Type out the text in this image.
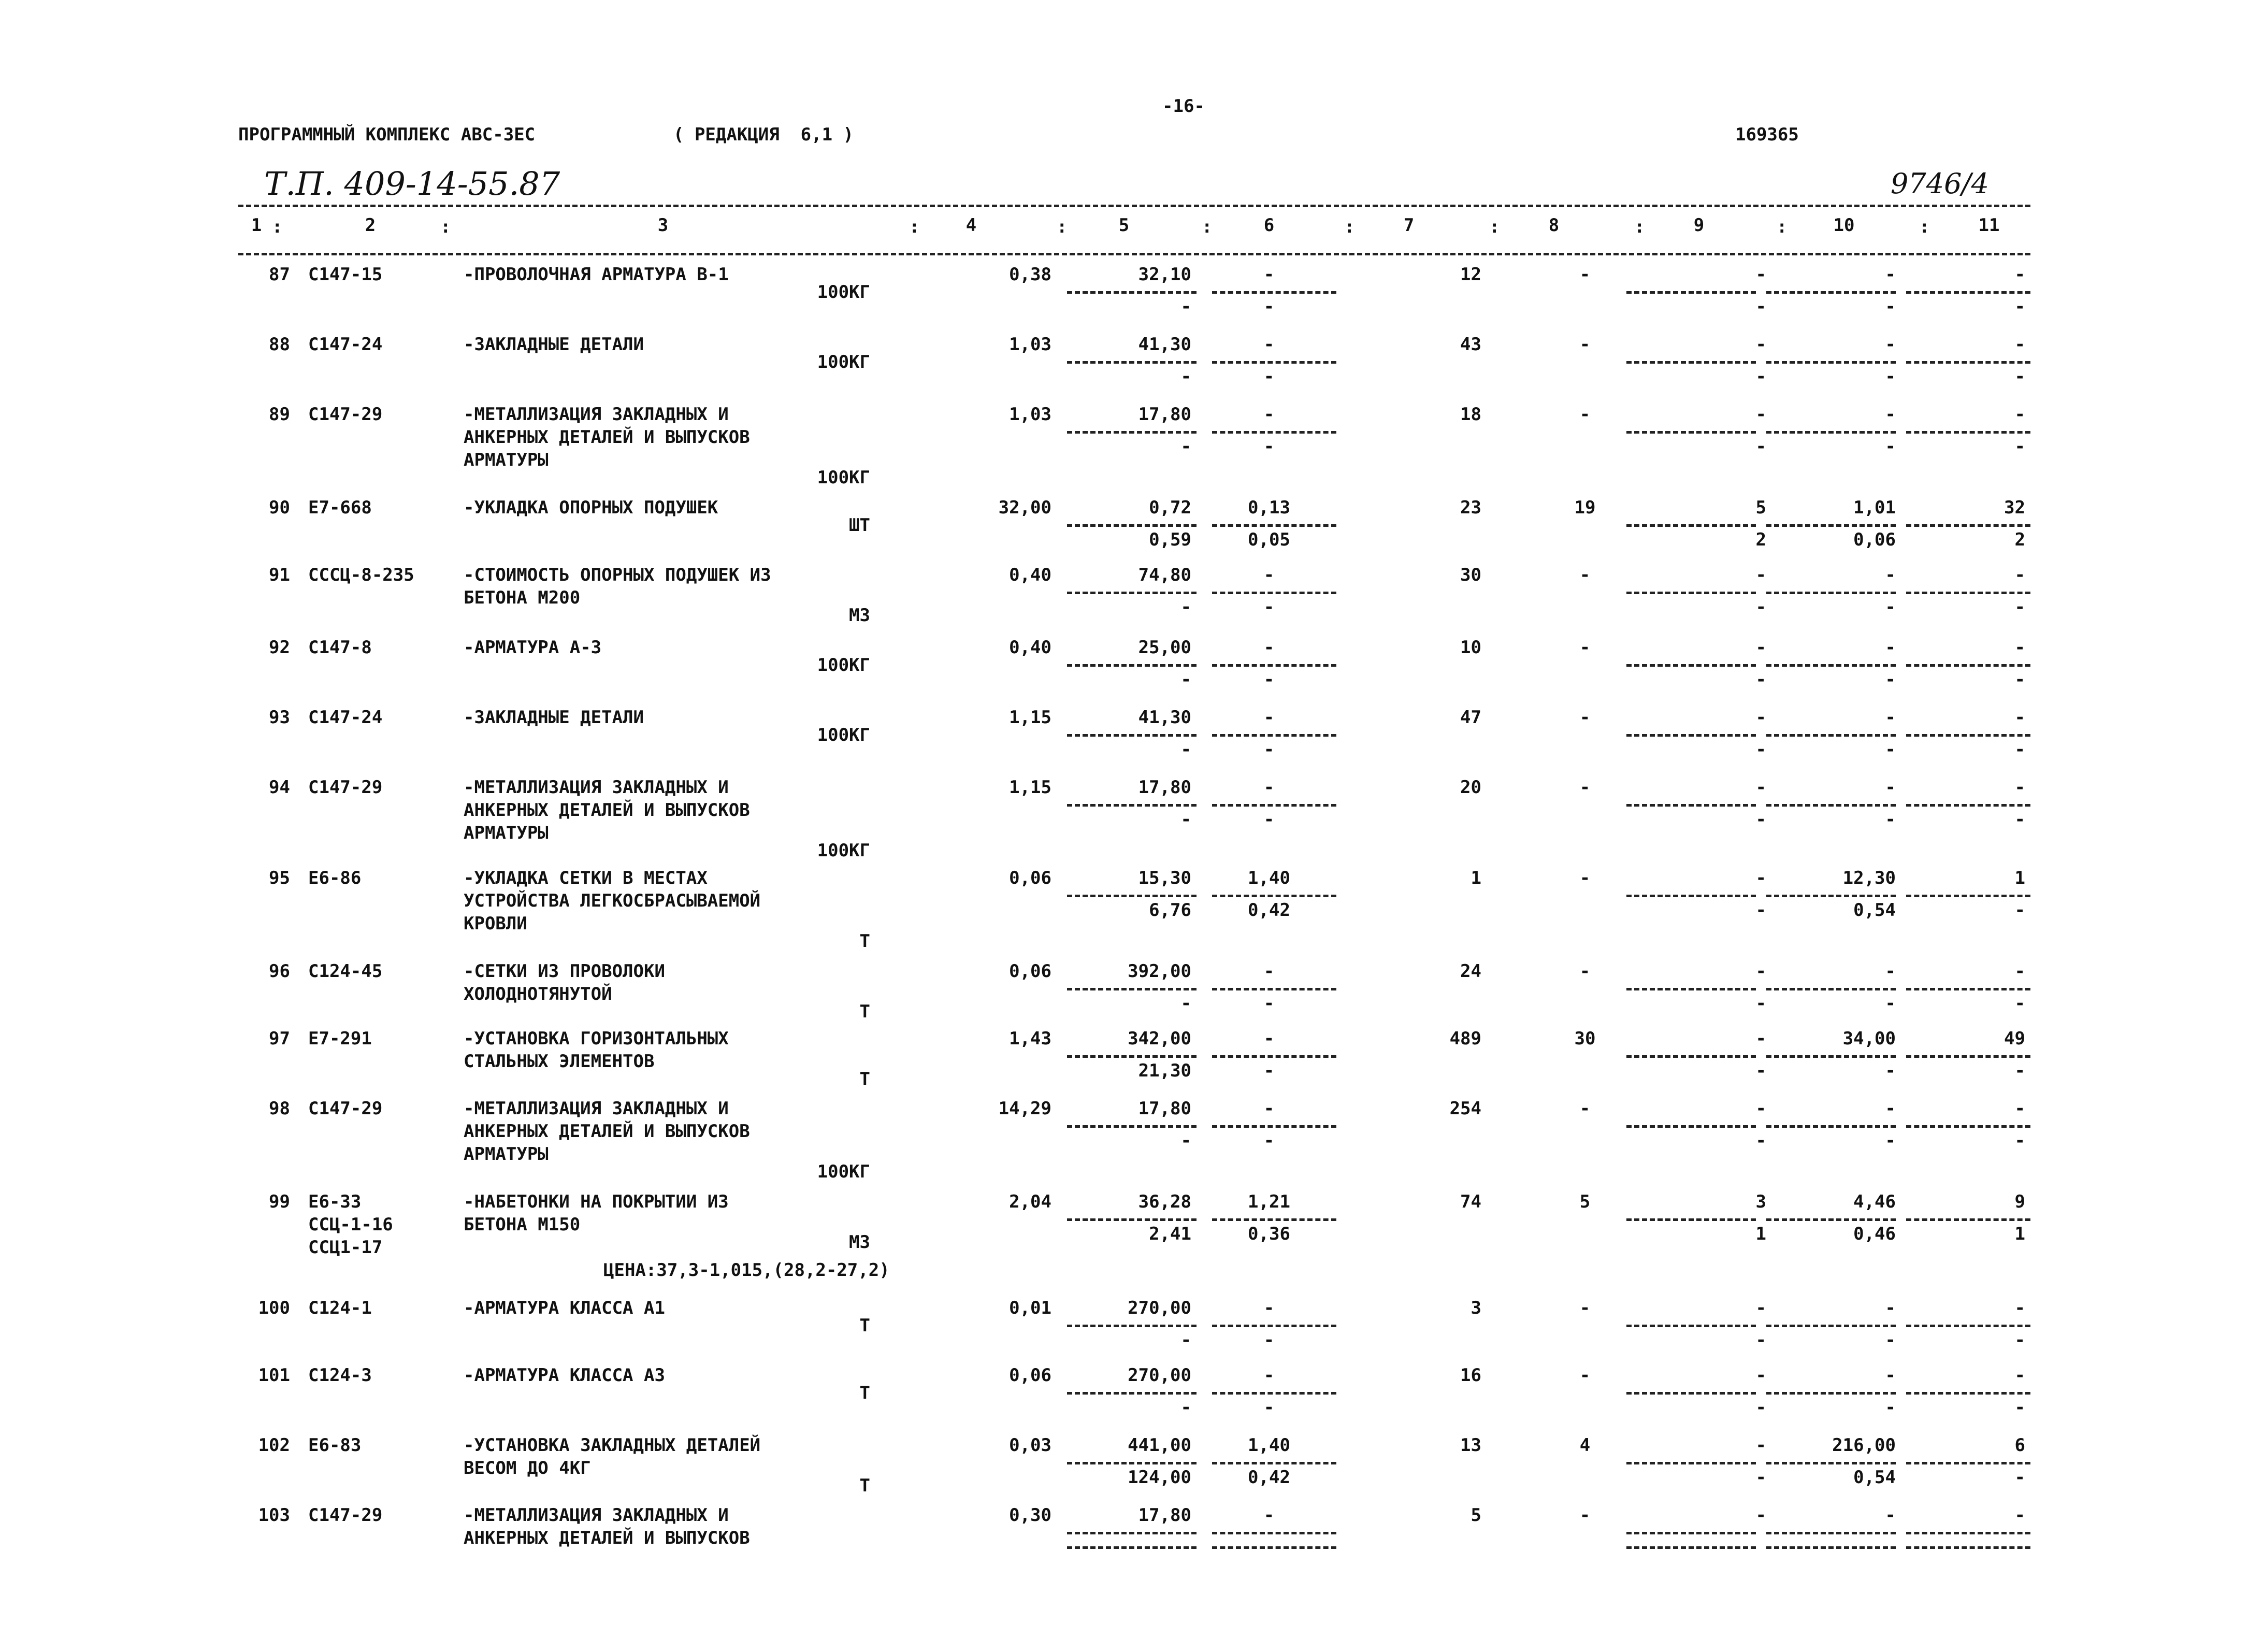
-16-
ПРОГРАММНЫЙ КОМПЛЕКС АВС-3ЕС	( РЕДАКЦИЯ  6,1 )	169365
Т.П. 409-14-55.87	9746/4
1	2	3	4	5	6	7	8	9	10	11
:	:	:	:	:	:	:	:	:	:
87 С147-15	-ПРОВОЛОЧНАЯ АРМАТУРА В-1
100КГ
0,38	32,10	-	12	-	-	-	-
-	-	-	-	-
88 С147-24	-ЗАКЛАДНЫЕ ДЕТАЛИ
100КГ
1,03	41,30	-	43	-	-	-	-
-	-	-	-	-
89 С147-29	-МЕТАЛЛИЗАЦИЯ ЗАКЛАДНЫХ И
АНКЕРНЫХ ДЕТАЛЕЙ И ВЫПУСКОВ
АРМАТУРЫ
100КГ
1,03	17,80	-	18	-	-	-	-
-	-	-	-	-
90 Е7-668	-УКЛАДКА ОПОРНЫХ ПОДУШЕК
ШТ
32,00	0,72	0,13	23	19	5	1,01	32
0,59	0,05	2	0,06	2
91 СССЦ-8-235	-СТОИМОСТЬ ОПОРНЫХ ПОДУШЕК ИЗ
БЕТОНА М200
М3
0,40	74,80	-	30	-	-	-	-
-	-	-	-	-
92 С147-8	-АРМАТУРА А-3
100КГ
0,40	25,00	-	10	-	-	-	-
-	-	-	-	-
93 С147-24	-ЗАКЛАДНЫЕ ДЕТАЛИ
100КГ
1,15	41,30	-	47	-	-	-	-
-	-	-	-	-
94 С147-29	-МЕТАЛЛИЗАЦИЯ ЗАКЛАДНЫХ И
АНКЕРНЫХ ДЕТАЛЕЙ И ВЫПУСКОВ
АРМАТУРЫ
100КГ
1,15	17,80	-	20	-	-	-	-
-	-	-	-	-
95 Е6-86	-УКЛАДКА СЕТКИ В МЕСТАХ
УСТРОЙСТВА ЛЕГКОСБРАСЫВАЕМОЙ
КРОВЛИ
Т
0,06	15,30	1,40	1	-	-	12,30	1
6,76	0,42	-	0,54	-
96 С124-45	-СЕТКИ ИЗ ПРОВОЛОКИ
ХОЛОДНОТЯНУТОЙ
Т
0,06	392,00	-	24	-	-	-	-
-	-	-	-	-
97 Е7-291	-УСТАНОВКА ГОРИЗОНТАЛЬНЫХ
СТАЛЬНЫХ ЭЛЕМЕНТОВ
Т
1,43	342,00	-	489	30	-	34,00	49
21,30	-	-	-	-
98 С147-29	-МЕТАЛЛИЗАЦИЯ ЗАКЛАДНЫХ И
АНКЕРНЫХ ДЕТАЛЕЙ И ВЫПУСКОВ
АРМАТУРЫ
100КГ
14,29	17,80	-	254	-	-	-	-
-	-	-	-	-
99 Е6-33
ССЦ-1-16
ССЦ1-17
-НАБЕТОНКИ НА ПОКРЫТИИ ИЗ
БЕТОНА М150
М3
ЦЕНА:37,3-1,015,(28,2-27,2)
2,04	36,28	1,21	74	5	3	4,46	9
2,41	0,36	1	0,46	1
100 С124-1	-АРМАТУРА КЛАССА А1
Т
0,01	270,00	-	3	-	-	-	-
-	-	-	-	-
101 С124-3	-АРМАТУРА КЛАССА А3
Т
0,06	270,00	-	16	-	-	-	-
-	-	-	-	-
102 Е6-83	-УСТАНОВКА ЗАКЛАДНЫХ ДЕТАЛЕЙ
ВЕСОМ ДО 4КГ
Т
0,03	441,00	1,40	13	4	-	216,00	6
124,00	0,42	-	0,54	-
103 С147-29	-МЕТАЛЛИЗАЦИЯ ЗАКЛАДНЫХ И
АНКЕРНЫХ ДЕТАЛЕЙ И ВЫПУСКОВ
0,30	17,80	-	5	-	-	-	-
